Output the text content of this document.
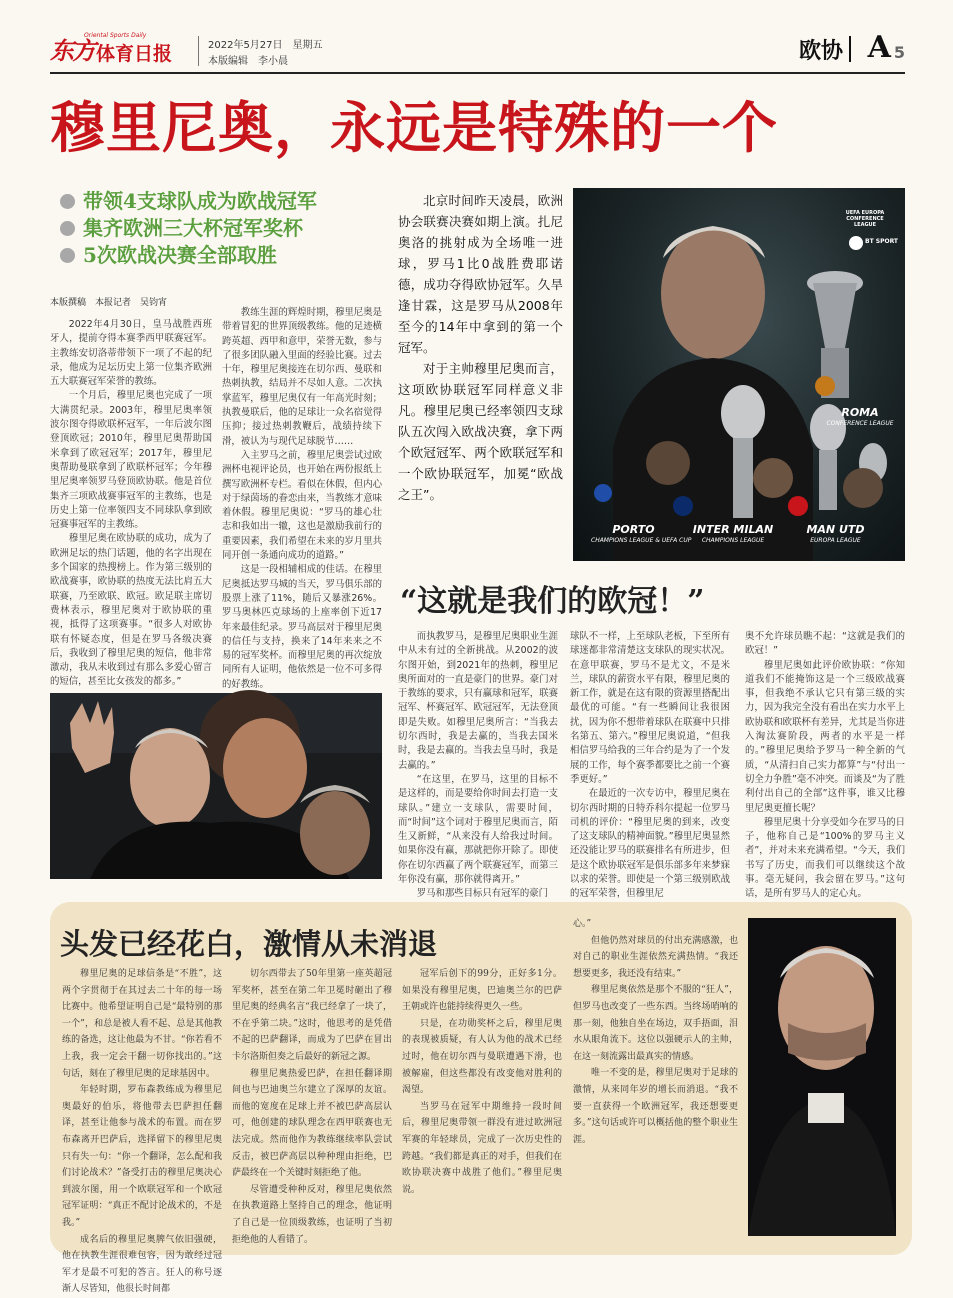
东方 体育日报
Oriental Sports Daily
2022年5月27日　星期五
本版编辑　李小晨	欧协 A 5
穆里尼奥，永远是特殊的一个
带领4支球队成为欧战冠军
集齐欧洲三大杯冠军奖杯
5次欧战决赛全部取胜
本版撰稿　本报记者　吴钧宵

北京时间昨天凌晨，欧洲协会联赛决赛如期上演。扎尼奥洛的挑射成为全场唯一进球，罗马1比0战胜费耶诺德，成功夺得欧协冠军。久旱逢甘霖，这是罗马从2008年至今的14年中拿到的第一个冠军。

对于主帅穆里尼奥而言，这项欧协联冠军同样意义非凡。穆里尼奥已经率领四支球队五次闯入欧战决赛，拿下两个欧冠冠军、两个欧联冠军和一个欧协联冠军，加冕“欧战之王”。

UEFA EUROPA CONFERENCE LEAGUE
BT SPORT
ROMA
CONFERENCE LEAGUE
PORTO
CHAMPIONS LEAGUE & UEFA CUP
INTER MILAN
CHAMPIONS LEAGUE
MAN UTD
EUROPA LEAGUE

2022年4月30日，皇马战胜西班牙人，提前夺得本赛季西甲联赛冠军。主教练安切洛蒂带领下一项了不起的纪录，他成为足坛历史上第一位集齐欧洲五大联赛冠军荣誉的教练。

一个月后，穆里尼奥也完成了一项大满贯纪录。2003年，穆里尼奥率领波尔图夺得欧联杯冠军，一年后波尔图登顶欧冠；2010年，穆里尼奥帮助国米拿到了欧冠冠军；2017年，穆里尼奥帮助曼联拿到了欧联杯冠军；今年穆里尼奥率领罗马登顶欧协联。他是首位集齐三项欧战赛事冠军的主教练，也是历史上第一位率领四支不同球队拿到欧冠赛事冠军的主教练。

穆里尼奥在欧协联的成功，成为了欧洲足坛的热门话题，他的名字出现在多个国家的热搜榜上。作为第三级别的欧战赛事，欧协联的热度无法比肩五大联赛，乃至欧联、欧冠。欧足联主席切费林表示，穆里尼奥对于欧协联的重视，抵得了这项赛事。“很多人对欧协联有怀疑态度，但是在罗马各级决赛后，我收到了穆里尼奥的短信，他非常激动，我从未收到过有那么多爱心留言的短信，甚至比女孩发的都多。”

教练生涯的辉煌时期，穆里尼奥是带着冒犯的世界顶级教练。他的足迹横跨英超、西甲和意甲，荣誉无数，参与了很多团队融入里面的经验比赛。过去十年，穆里尼奥接连在切尔西、曼联和热刺执教，结局并不尽如人意。二次执掌蓝军，穆里尼奥仅有一年高光时刻；执教曼联后，他的足球让一众名宿觉得压抑；接过热刺教鞭后，战绩持续下滑，被认为与现代足球脱节……

入主罗马之前，穆里尼奥尝试过欧洲杯电视评论员，也开始在两份报纸上撰写欧洲杯专栏。看似在休假，但内心对于绿茵场的眷恋由来，当教练才意味着休假。穆里尼奥说：“罗马的雄心壮志和我如出一辙，这也是激励我前行的重要因素，我们希望在未来的岁月里共同开创一条通向成功的道路。”

这是一段相辅相成的佳话。在穆里尼奥抵达罗马城的当天，罗马俱乐部的股票上涨了11%，随后又暴涨26%。罗马奥林匹克球场的上座率创下近17年来最佳纪录。罗马高层对于穆里尼奥的信任与支持，换来了14年来来之不易的冠军奖杯。而穆里尼奥的再次绽放同所有人证明，他依然是一位不可多得的好教练。

“这就是我们的欧冠！”

而执教罗马，是穆里尼奥职业生涯中从未有过的全新挑战。从2002的波尔图开始，到2021年的热刺，穆里尼奥所面对的一直是豪门的世界。豪门对于教练的要求，只有赢球和冠军，联赛冠军、杯赛冠军、欧冠冠军，无法登顶即是失败。如穆里尼奥所言：“当我去切尔西时，我是去赢的，当我去国米时，我是去赢的。当我去皇马时，我是去赢的。”

“在这里，在罗马，这里的目标不是这样的，而是要给你时间去打造一支球队。”建立一支球队，需要时间，而“时间”这个词对于穆里尼奥而言，陌生又新鲜，“从来没有人给我过时间。如果你没有赢，那就把你开除了。即使你在切尔西赢了两个联赛冠军，而第三年你没有赢，那你就得离开。”

罗马和那些目标只有冠军的豪门

球队不一样，上至球队老板，下至所有球迷都非常清楚这支球队的现实状况。在意甲联赛，罗马不是尤文，不是米兰，球队的薪资水平有限，穆里尼奥的新工作，就是在这有限的资源里搭配出最优的可能。“有一些瞬间让我很困扰，因为你不想带着球队在联赛中只排名第五、第六。”穆里尼奥说道，“但我相信罗马给我的三年合约是为了一个发展的工作，每个赛季都要比之前一个赛季更好。”

在最近的一次专访中，穆里尼奥在切尔西时期的日特乔科尔提起一位罗马司机的评价：“穆里尼奥的到来，改变了这支球队的精神面貌。”穆里尼奥显然还没能让罗马的联赛排名有所进步，但是这个欧协联冠军是俱乐部多年来梦寐以求的荣誉。即使是一个第三级别欧战的冠军荣誉，但穆里尼

奥不允许球员瞧不起：“这就是我们的欧冠！”

穆里尼奥如此评价欧协联：“你知道我们不能掩饰这是一个三级欧战赛事，但我绝不承认它只有第三级的实力，因为我完全没有看出在实力水平上欧协联和欧联杯有差异，尤其是当你进入淘汰赛阶段，两者的水平是一样的。”穆里尼奥给予罗马一种全新的气质，“从清扫自己实力都算”与“付出一切全力争胜”毫不冲突。而谈及“为了胜利付出自己的全部”这件事，谁又比穆里尼奥更擅长呢？

穆里尼奥十分享受如今在罗马的日子，他称自己是“100%的罗马主义者”，并对未来充满希望。“今天，我们书写了历史，而我们可以继续这个故事。毫无疑问，我会留在罗马。”这句话，是所有罗马人的定心丸。

头发已经花白，激情从未消退

穆里尼奥的足球信条是“不胜”，这两个字贯彻于在其过去二十年的每一场比赛中。他希望证明自己是“最特别的那一个”，和总是被人看不起、总是其他教练的备选，这让他最为不甘。“你若看不上我，我一定会干翻一切你找出的。”这句话，刻在了穆里尼奥的足球基因中。

年轻时期，罗布森教练成为穆里尼奥最好的伯乐，将他带去巴萨担任翻译，甚至让他参与战术的布置。而在罗布森离开巴萨后，选择留下的穆里尼奥只有失一句：“你一个翻译，怎么配和我们讨论战术？”备受打击的穆里尼奥决心到波尔图，用一个欧联冠军和一个欧冠冠军证明：“真正不配讨论战术的，不是我。”

成名后的穆里尼奥脾气依旧强硬，他在执教生涯很难包容，因为敢经过冠军才是最不可犯的答言。狂人的称号逐渐人尽皆知，他很长时间都

切尔西带去了50年里第一座英超冠军奖杯，甚至在第二年卫冕时砸出了穆里尼奥的经典名言“我已经拿了一块了，不在乎第二块。”这时，他思考的是凭借不起的巴萨翻译，而成为了巴萨在冒出卡尔洛斯但奏之后最好的新冠之源。

穆里尼奥热爱巴萨，在担任翻译期间也与巴迪奥兰尔建立了深厚的友谊。而他的宽度在足球上并不被巴萨高层认可，他创建的球队理念在西甲联赛也无法完成。然而他作为教练继续率队尝试反击，被巴萨高层以种种理由拒绝，巴萨最终在一个关键时刻拒绝了他。

尽管遭受种种反对，穆里尼奥依然在执教道路上坚持自己的理念，他证明了自己是一位顶级教练，也证明了当初拒绝他的人看错了。

冠军后创下的99分，正好多1分。如果没有穆里尼奥，巴迪奥兰尔的巴萨王朝或许也能持续得更久一些。

只是，在功勋奖杯之后，穆里尼奥的表现被质疑，有人认为他的战术已经过时，他在切尔西与曼联遭遇下滑，也被解雇，但这些都没有改变他对胜利的渴望。

当罗马在冠军中期维持一段时间后，穆里尼奥带领一群没有进过欧洲冠军赛的年轻球员，完成了一次历史性的跨越。“我们都是真正的对手，但我们在欧协联决赛中战胜了他们。”穆里尼奥说。

心。”

但他仍然对球员的付出充满感激，也对自己的职业生涯依然充满热情。“我还想要更多，我还没有结束。”

穆里尼奥依然是那个不服的“狂人”，但罗马也改变了一些东西。当终场哨响的那一刻，他独自坐在场边，双手捂面，泪水从眼角流下。这位以强硬示人的主帅，在这一刻流露出最真实的情感。

唯一不变的是，穆里尼奥对于足球的激情，从来同年岁的增长而消退。“我不要一直获得一个欧洲冠军，我还想要更多。”这句话或许可以概括他的整个职业生涯。
